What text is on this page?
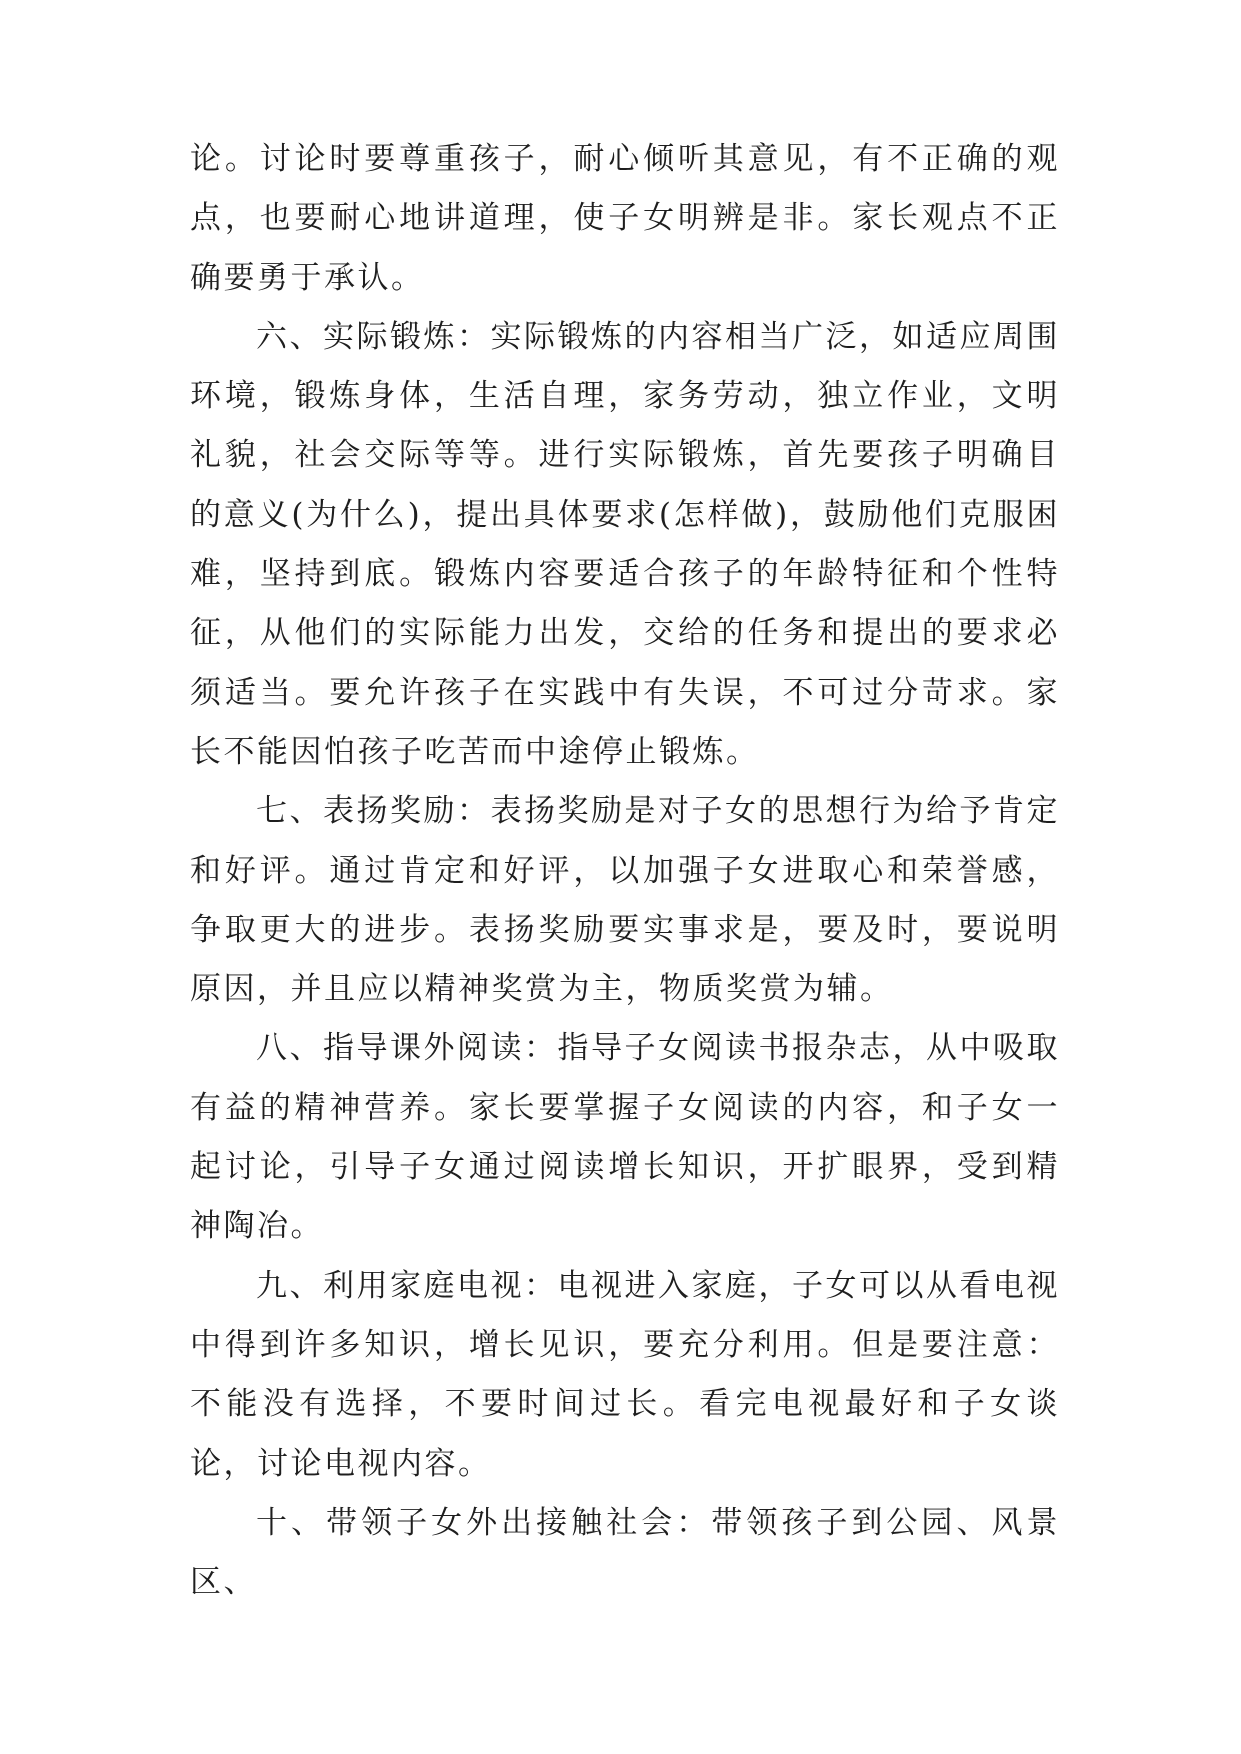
论。讨论时要尊重孩子，耐心倾听其意见，有不正确的观点，也要耐心地讲道理，使子女明辨是非。家长观点不正确要勇于承认。

六、实际锻炼：实际锻炼的内容相当广泛，如适应周围环境，锻炼身体，生活自理，家务劳动，独立作业，文明礼貌，社会交际等等。进行实际锻炼，首先要孩子明确目的意义(为什么)，提出具体要求(怎样做)，鼓励他们克服困难，坚持到底。锻炼内容要适合孩子的年龄特征和个性特征，从他们的实际能力出发，交给的任务和提出的要求必须适当。要允许孩子在实践中有失误，不可过分苛求。家长不能因怕孩子吃苦而中途停止锻炼。

七、表扬奖励：表扬奖励是对子女的思想行为给予肯定和好评。通过肯定和好评，以加强子女进取心和荣誉感，争取更大的进步。表扬奖励要实事求是，要及时，要说明原因，并且应以精神奖赏为主，物质奖赏为辅。

八、指导课外阅读：指导子女阅读书报杂志，从中吸取有益的精神营养。家长要掌握子女阅读的内容，和子女一起讨论，引导子女通过阅读增长知识，开扩眼界，受到精神陶冶。

九、利用家庭电视：电视进入家庭，子女可以从看电视中得到许多知识，增长见识，要充分利用。但是要注意：不能没有选择，不要时间过长。看完电视最好和子女谈论，讨论电视内容。

十、带领子女外出接触社会：带领孩子到公园、风景区、
